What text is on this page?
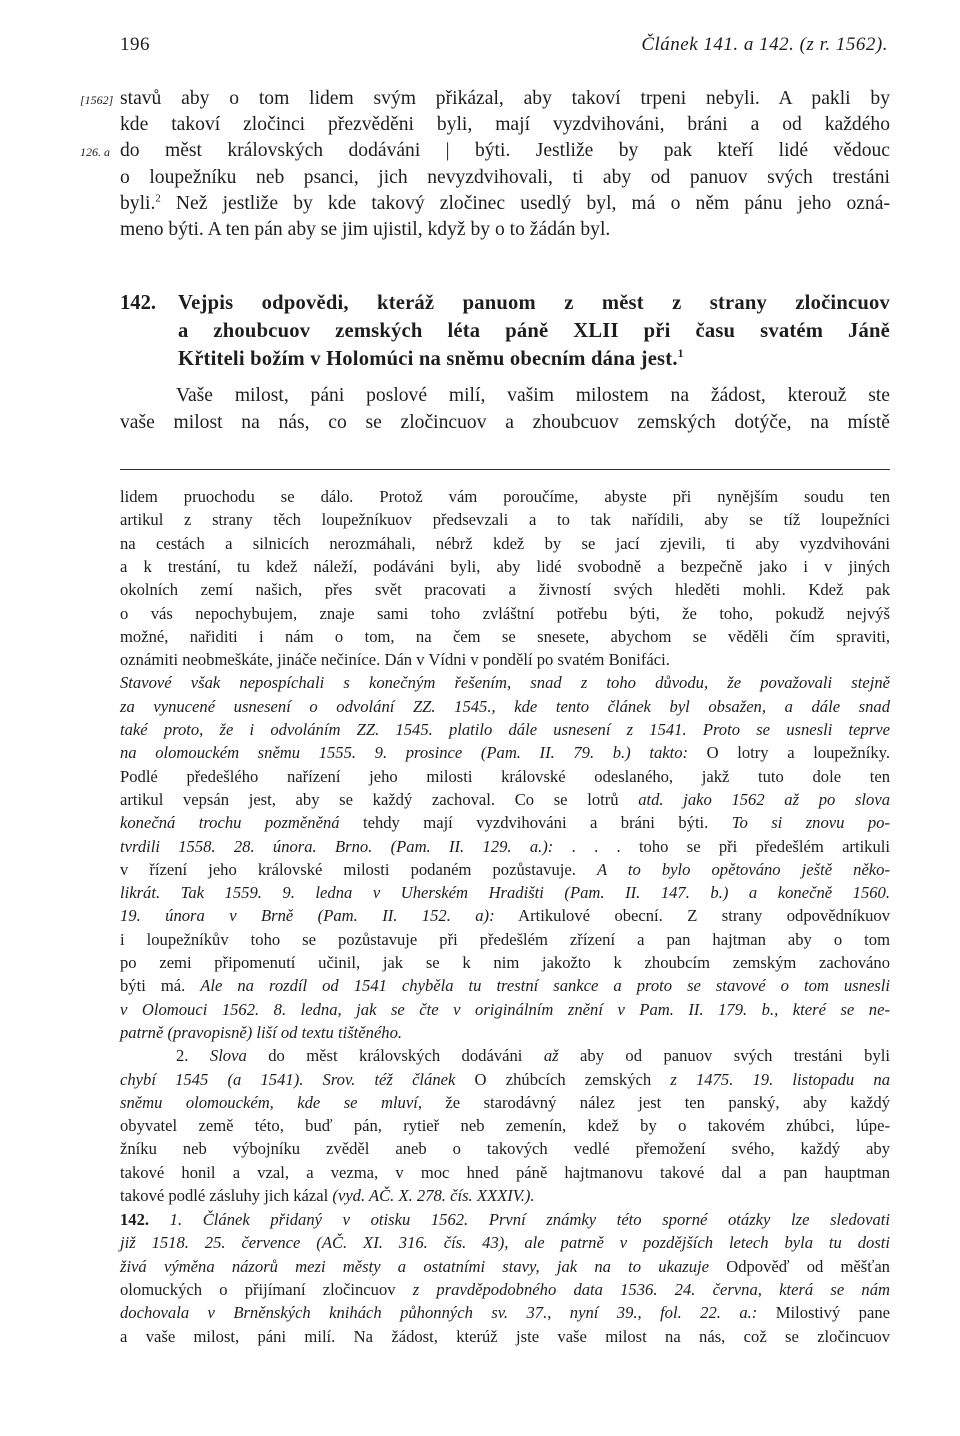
196	Článek 141. a 142. (z r. 1562).
[1562] stavů aby o tom lidem svým přikázal, aby takoví trpeni nebyli. A pakli by
kde takoví zločinci přezvěděni byli, mají vyzdvihováni, bráni a od každého
126. a do měst královských dodáváni | býti. Jestliže by pak kteří lidé vědouc
o loupežníku neb psanci, jich nevyzdvihovali, ti aby od panuov svých trestáni
byli.$^2$ Než jestliže by kde takový zločinec usedlý byl, má o něm pánu jeho ozná-
meno býti. A ten pán aby se jim ujistil, když by o to žádán byl.
142. Vejpis odpovědi, kteráž panuom z měst z strany zločincuov
a zhoubcuov zemských léta páně XLII při času svatém Jáně
Křtiteli božím v Holomúci na sněmu obecním dána jest.$^1$
Vaše milost, páni poslové milí, vašim milostem na žádost, kterouž ste
vaše milost na nás, co se zločincuov a zhoubcuov zemských dotýče, na místě
lidem pruochodu se dálo. Protož vám poroučíme, abyste při nynějším soudu ten
artikul z strany těch loupežníkuov předsevzali a to tak nařídili, aby se tíž loupežníci
na cestách a silnicích nerozmáhali, nébrž kdež by se jací zjevili, ti aby vyzdvihováni
a k trestání, tu kdež náleží, podáváni byli, aby lidé svobodně a bezpečně jako i v jiných
okolních zemí našich, přes svět pracovati a živností svých hleděti mohli. Kdež pak
o vás nepochybujem, znaje sami toho zvláštní potřebu býti, že toho, pokudž nejvýš
možné, nařiditi i nám o tom, na čem se snesete, abychom se věděli čím spraviti,
oznámiti neobmeškáte, jináče nečiníce. Dán v Vídni v pondělí po svatém Bonifáci.
Stavové však nepospíchali s konečným řešením, snad z toho důvodu, že považovali stejně
za vynucené usnesení o odvolání ZZ. 1545., kde tento článek byl obsažen, a dále snad
také proto, že i odvoláním ZZ. 1545. platilo dále usnesení z 1541. Proto se usnesli teprve
na olomouckém sněmu 1555. 9. prosince (Pam. II. 79. b.) takto: O lotry a loupežníky.
Podlé předešlého nařízení jeho milosti královské odeslaného, jakž tuto dole ten
artikul vepsán jest, aby se každý zachoval. Co se lotrů atd. jako 1562 až po slova
konečná trochu pozměněná tehdy mají vyzdvihováni a bráni býti. To si znovu po-
tvrdili 1558. 28. února. Brno. (Pam. II. 129. a.): . . . toho se při předešlém artikuli
v řízení jeho královské milosti podaném pozůstavuje. A to bylo opětováno ještě něko-
likrát. Tak 1559. 9. ledna v Uherském Hradišti (Pam. II. 147. b.) a konečně 1560.
19. února v Brně (Pam. II. 152. a): Artikulové obecní. Z strany odpovědníkuov
i loupežníkův toho se pozůstavuje při předešlém zřízení a pan hajtman aby o tom
po zemi připomenutí učinil, jak se k nim jakožto k zhoubcím zemským zachováno
býti má. Ale na rozdíl od 1541 chyběla tu trestní sankce a proto se stavové o tom usnesli
v Olomouci 1562. 8. ledna, jak se čte v originálním znění v Pam. II. 179. b., které se ne-
patrně (pravopisně) liší od textu tištěného.
2. Slova do měst královských dodáváni až aby od panuov svých trestáni byli
chybí 1545 (a 1541). Srov. též článek O zhúbcích zemských z 1475. 19. listopadu na
sněmu olomouckém, kde se mluví, že starodávný nález jest ten panský, aby každý
obyvatel země této, buď pán, rytieř neb zemenín, kdež by o takovém zhúbci, lúpe-
žníku neb výbojníku zvěděl aneb o takových vedlé přemožení svého, každý aby
takové honil a vzal, a vezma, v moc hned páně hajtmanovu takové dal a pan hauptman
takové podlé zásluhy jich kázal (vyd. AČ. X. 278. čís. XXXIV.).
142. 1. Článek přidaný v otisku 1562. První známky této sporné otázky lze sledovati
již 1518. 25. července (AČ. XI. 316. čís. 43), ale patrně v pozdějších letech byla tu dosti
živá výměna názorů mezi městy a ostatními stavy, jak na to ukazuje Odpověď od měšťan
olomuckých o přijímaní zločincuov z pravděpodobného data 1536. 24. června, která se nám
dochovala v Brněnských knihách půhonných sv. 37., nyní 39., fol. 22. a.: Milostivý pane
a vaše milost, páni milí. Na žádost, kterúž jste vaše milost na nás, což se zločincuov
